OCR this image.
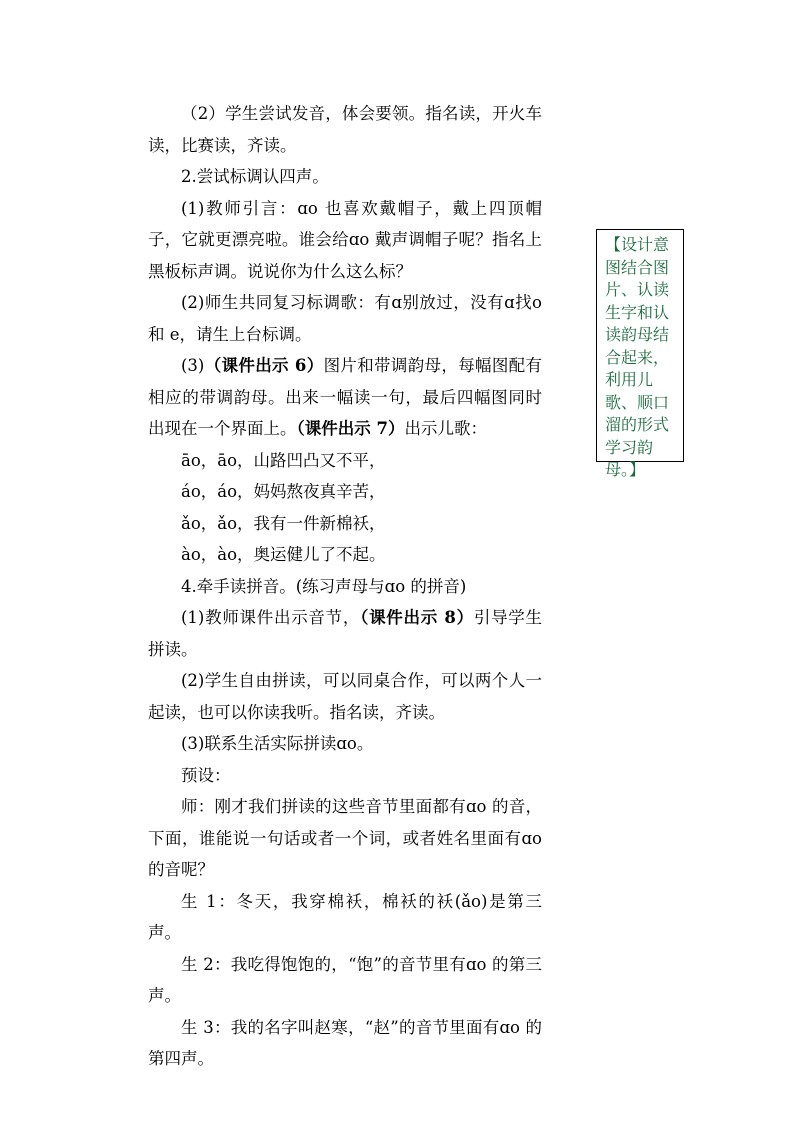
（2）学生尝试发音，体会要领。指名读，开火车读，比赛读，齐读。

2.尝试标调认四声。

(1)教师引言：ɑo 也喜欢戴帽子，戴上四顶帽子，它就更漂亮啦。谁会给ɑo 戴声调帽子呢？指名上黑板标声调。说说你为什么这么标？

(2)师生共同复习标调歌：有ɑ别放过，没有ɑ找o 和 e，请生上台标调。

(3)（课件出示 6）图片和带调韵母，每幅图配有相应的带调韵母。出来一幅读一句，最后四幅图同时出现在一个界面上。（课件出示 7）出示儿歌：

āo，āo，山路凹凸又不平，

áo，áo，妈妈熬夜真辛苦，

ǎo，ǎo，我有一件新棉袄，

ào，ào，奥运健儿了不起。

4.牵手读拼音。(练习声母与ɑo 的拼音)

(1)教师课件出示音节，（课件出示 8）引导学生拼读。

(2)学生自由拼读，可以同桌合作，可以两个人一起读，也可以你读我听。指名读，齐读。

(3)联系生活实际拼读ɑo。

预设：

师：刚才我们拼读的这些音节里面都有ɑo 的音，下面，谁能说一句话或者一个词，或者姓名里面有ɑo 的音呢？

生 1：冬天，我穿棉袄，棉袄的袄(ǎo)是第三声。

生 2：我吃得饱饱的，“饱”的音节里有ɑo 的第三声。

生 3：我的名字叫赵寒，“赵”的音节里面有ɑo 的第四声。

【设计意图结合图片、认读生字和认读韵母结合起来，利用儿歌、顺口溜的形式学习韵母。】
